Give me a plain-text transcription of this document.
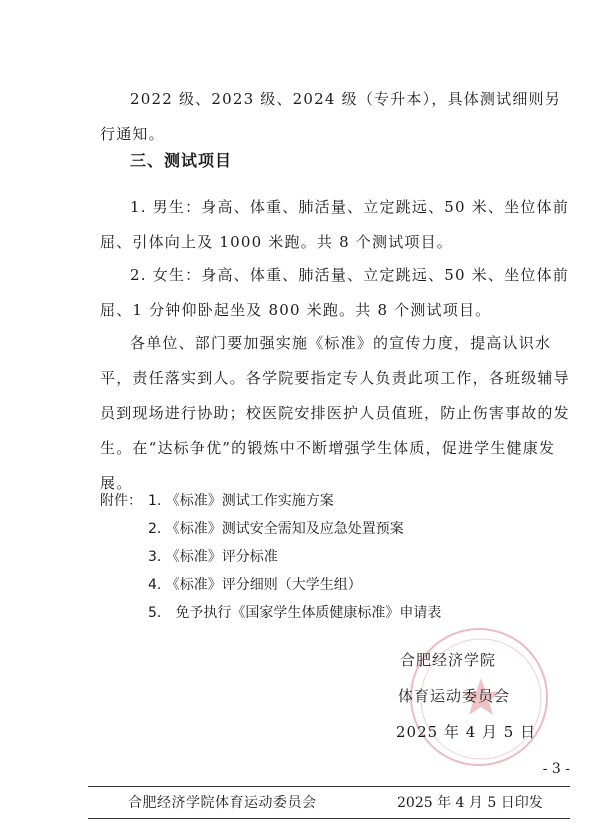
2022 级、2023 级、2024 级（专升本），具体测试细则另行通知。

三、测试项目

1. 男生：身高、体重、肺活量、立定跳远、50 米、坐位体前屈、引体向上及 1000 米跑。共 8 个测试项目。

2. 女生：身高、体重、肺活量、立定跳远、50 米、坐位体前屈、1 分钟仰卧起坐及 800 米跑。共 8 个测试项目。

各单位、部门要加强实施《标准》的宣传力度，提高认识水平，责任落实到人。各学院要指定专人负责此项工作，各班级辅导员到现场进行协助；校医院安排医护人员值班，防止伤害事故的发生。在“达标争优”的锻炼中不断增强学生体质，促进学生健康发展。

附件： 1. 《标准》测试工作实施方案
2. 《标准》测试安全需知及应急处置预案
3. 《标准》评分标准
4. 《标准》评分细则（大学生组）
5.　免予执行《国家学生体质健康标准》申请表
合肥经济学院
体育运动委员会
2025 年 4 月 5 日
- 3 -
合肥经济学院体育运动委员会	2025 年 4 月 5 日印发
